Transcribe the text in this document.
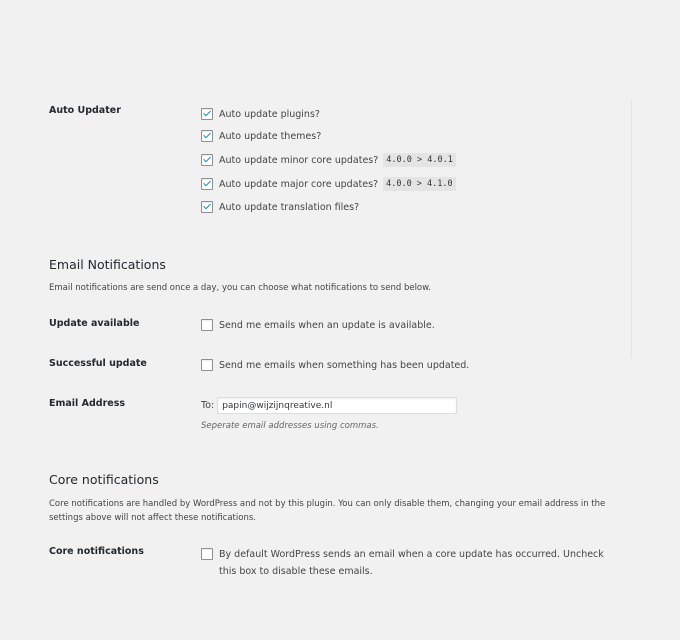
Auto Updater	Auto update plugins?
Auto update themes?
Auto update minor core updates? 4.0.0 > 4.0.1
Auto update major core updates? 4.0.0 > 4.1.0
Auto update translation files?
Email Notifications
Email notifications are send once a day, you can choose what notifications to send below.
Update available	Send me emails when an update is available.
Successful update	Send me emails when something has been updated.
Email Address	To:
papin@wijzijnqreative.nl
Seperate email addresses using commas.
Core notifications
Core notifications are handled by WordPress and not by this plugin. You can only disable them, changing your email address in the settings above will not affect these notifications.
Core notifications	By default WordPress sends an email when a core update has occurred. Uncheck this box to disable these emails.
